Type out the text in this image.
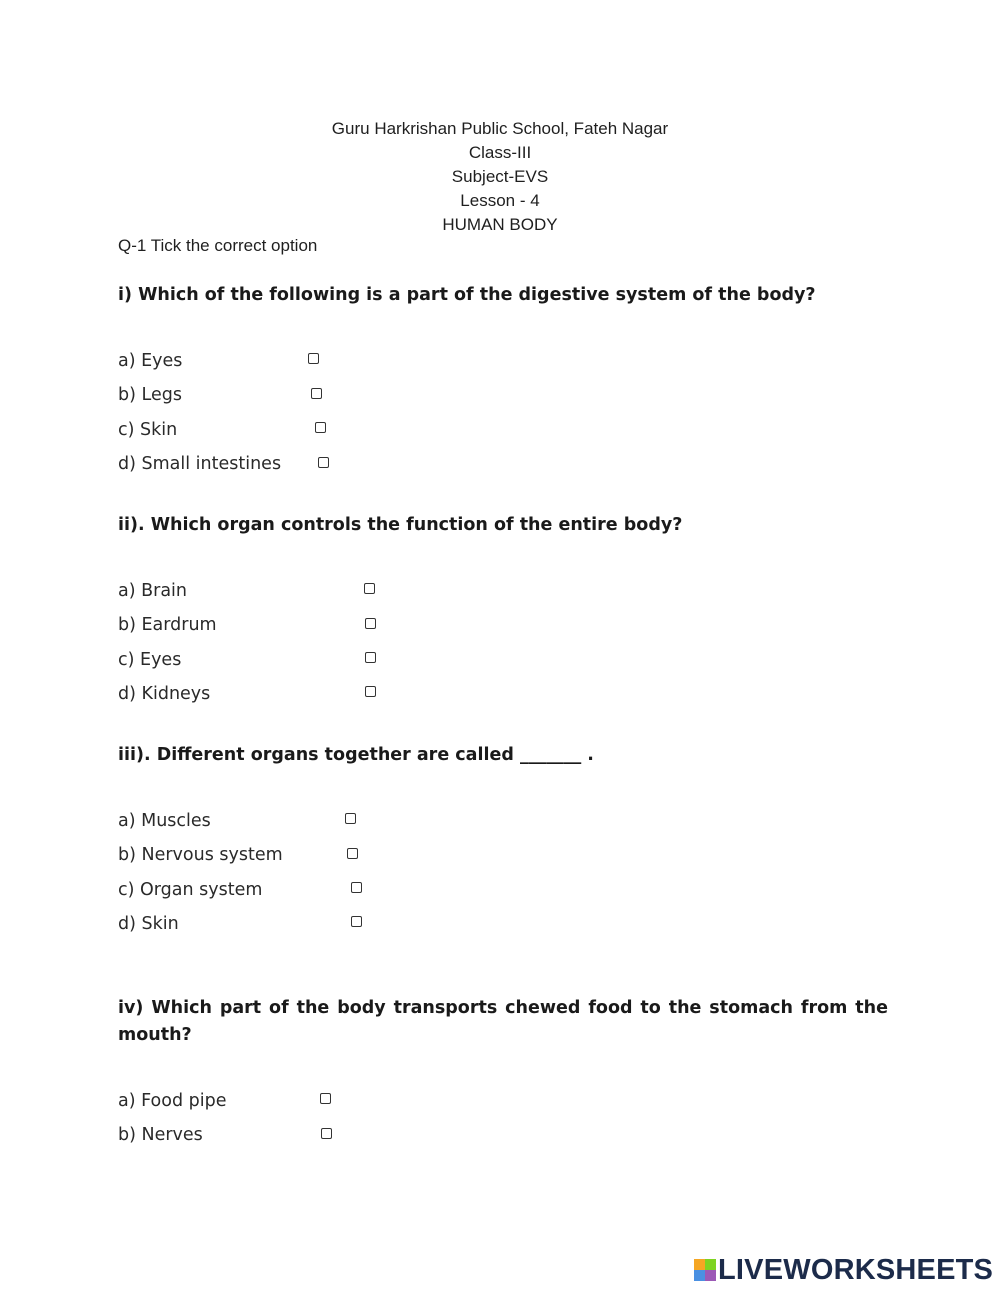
Guru Harkrishan Public School, Fateh Nagar
Class-III
Subject-EVS
Lesson - 4
HUMAN BODY
Q-1 Tick the correct option
i) Which of the following is a part of the digestive system of the body?
a) Eyes
b) Legs
c) Skin
d) Small intestines
ii). Which organ controls the function of the entire body?
a) Brain
b) Eardrum
c) Eyes
d) Kidneys
iii). Different organs together are called _______ .
a) Muscles
b) Nervous system
c) Organ system
d) Skin
iv) Which part of the body transports chewed food to the stomach from the mouth?
a) Food pipe
b) Nerves
LIVEWORKSHEETS
